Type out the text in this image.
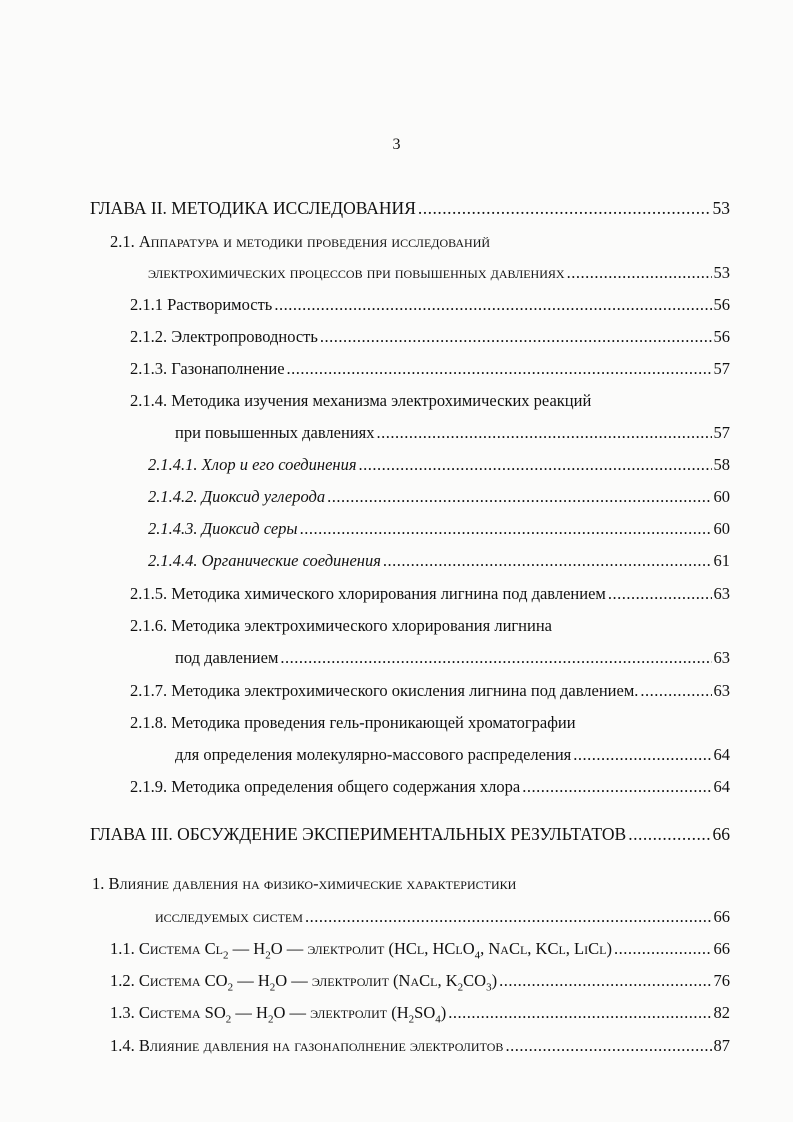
3
ГЛАВА II. МЕТОДИКА ИССЛЕДОВАНИЯ .....	53
2.1. Аппаратура и методики проведения исследований
электрохимических процессов при повышенных давлениях .....	53
2.1.1 Растворимость .....	56
2.1.2. Электропроводность .....	56
2.1.3. Газонаполнение .....	57
2.1.4. Методика изучения механизма электрохимических реакций
при повышенных давлениях .....	57
2.1.4.1. Хлор и его соединения .....	58
2.1.4.2. Диоксид углерода .....	60
2.1.4.3. Диоксид серы .....	60
2.1.4.4. Органические соединения .....	61
2.1.5. Методика химического хлорирования лигнина под давлением .....	63
2.1.6. Методика электрохимического хлорирования лигнина
под давлением .....	63
2.1.7. Методика электрохимического окисления лигнина под давлением. .....	63
2.1.8. Методика проведения гель-проникающей хроматографии
для определения молекулярно-массового распределения .....	64
2.1.9. Методика определения общего содержания хлора .....	64
ГЛАВА III. ОБСУЖДЕНИЕ ЭКСПЕРИМЕНТАЛЬНЫХ РЕЗУЛЬТАТОВ .....	66
1. Влияние давления на физико-химические характеристики
исследуемых систем .....	66
1.1. Система $Cl_2$ — $H_2O$ — электролит (HCl, HClO$_4$, NaCl, KCl, LiCl) .....	66
1.2. Система $CO_2$ — $H_2O$ — электролит (NaCl, $K_2CO_3$) .....	76
1.3. Система $SO_2$ — $H_2O$ — электролит $(H_2SO_4)$ .....	82
1.4. Влияние давления на газонаполнение электролитов .....	87
